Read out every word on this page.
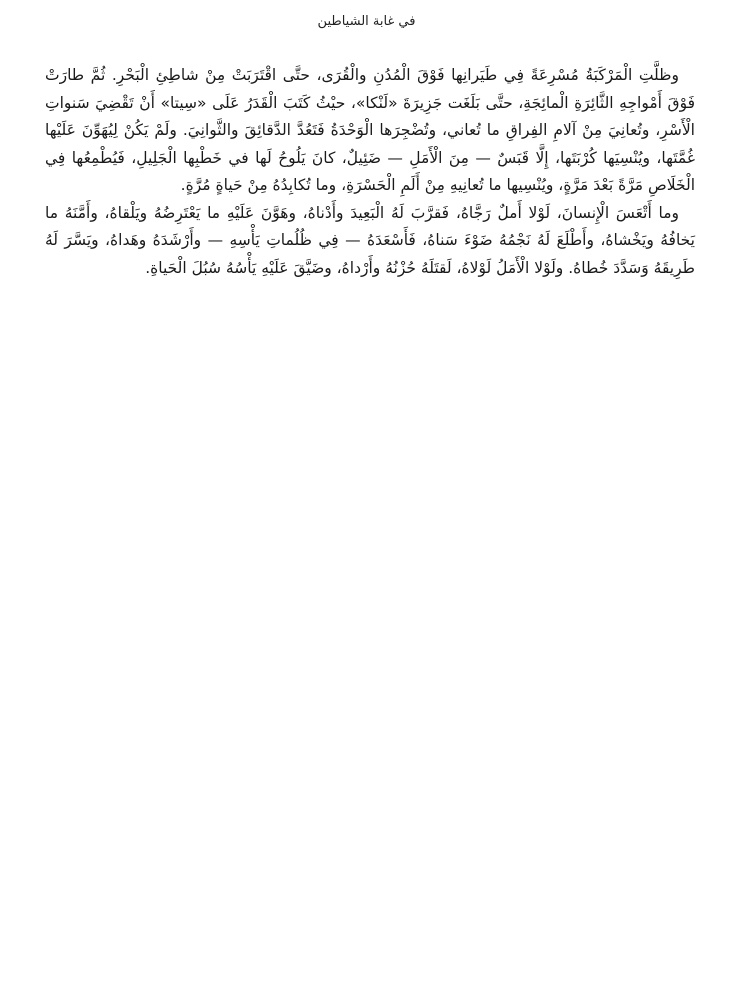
في غابة الشياطين

وظلَّتِ الْمَرْكَبَةُ مُسْرِعَةً فِي طَيَرانِها فَوْقَ الْمُدُنِ والْقُرَى، حتَّى اقْتَرَبَتْ مِنْ شاطِئِ الْبَحْرِ. ثُمَّ طارَتْ فَوْقَ أَمْواجِهِ الثَّائِرَةِ الْمائِجَةِ، حتَّى بَلَغَت جَزِيرَةَ «لَنْكا»، حيْثُ كَتَبَ الْقَدَرُ عَلَى «سِيتا» أَنْ تَقْضِيَ سَنواتِ الْأَسْرِ، وتُعانِيَ مِنْ آلامِ الفِراقِ ما تُعاني، وتُضْجِرَها الْوَحْدَةُ فَتَعُدَّ الدَّقائِقَ والثَّوانِيَ. ولَمْ يَكُنْ لِيُهَوِّنَ عَلَيْها غُمَّتَها، ويُنْسِيَها كُرْبَتَها، إِلَّا قَبَسٌ — مِنَ الْأَمَلِ — ضَئِيلٌ، كانَ يَلُوحُ لَها في خَطْبِها الْجَلِيلِ، فَيُطْمِعُها فِي الْخَلَاصِ مَرَّةً بَعْدَ مَرَّةٍ، ويُنْسِيها ما تُعانِيهِ مِنْ أَلَمِ الْحَسْرَةِ، وما تُكابِدُهُ مِنْ حَياةٍ مُرَّةٍ.

وما أَتْعَسَ الْإِنسانَ، لَوْلا أَملٌ رَجَّاهُ، فَقرَّبَ لَهُ الْبَعِيدَ وأَدْناهُ، وهَوَّنَ عَلَيْهِ ما يَعْتَرِضُهُ ويَلْقاهُ، وأَمَّنَهُ ما يَخافُهُ ويَخْشاهُ، وأَطْلَعَ لَهُ نَجْمُهُ ضَوْءَ سَناهُ، فَأَسْعَدَهُ — فِي ظُلُماتِ يَأْسِهِ — وأَرْشَدَهُ وهَداهُ، ويَسَّرَ لَهُ طَرِيقَهُ وَسَدَّدَ خُطاهُ. ولَوْلا الْأَمَلُ لَوْلاهُ، لَقتَلَهُ حُزْنُهُ وأَرْداهُ، وضَيَّقَ عَلَيْهِ يَأْسُهُ سُبُلَ الْحَياةِ.
